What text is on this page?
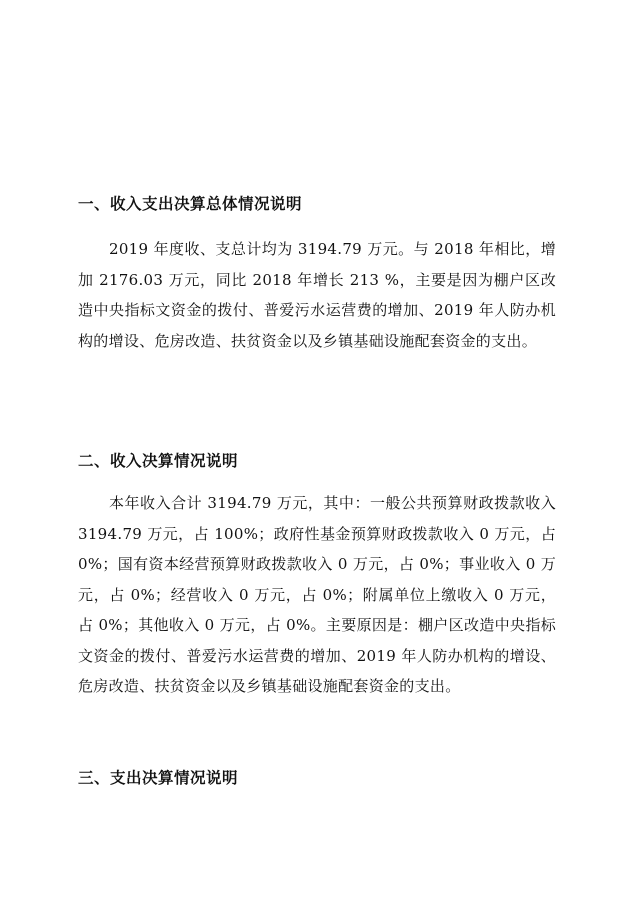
一、收入支出决算总体情况说明

2019 年度收、支总计均为 3194.79 万元。与 2018 年相比，增加 2176.03 万元，同比 2018 年增长 213 %，主要是因为棚户区改造中央指标文资金的拨付、普爱污水运营费的增加、2019 年人防办机构的增设、危房改造、扶贫资金以及乡镇基础设施配套资金的支出。

二、收入决算情况说明

本年收入合计 3194.79 万元，其中：一般公共预算财政拨款收入 3194.79 万元，占 100%；政府性基金预算财政拨款收入 0 万元，占 0%；国有资本经营预算财政拨款收入 0 万元，占 0%；事业收入 0 万元，占 0%；经营收入 0 万元，占 0%；附属单位上缴收入 0 万元，占 0%；其他收入 0 万元，占 0%。主要原因是：棚户区改造中央指标文资金的拨付、普爱污水运营费的增加、2019 年人防办机构的增设、危房改造、扶贫资金以及乡镇基础设施配套资金的支出。

三、支出决算情况说明
